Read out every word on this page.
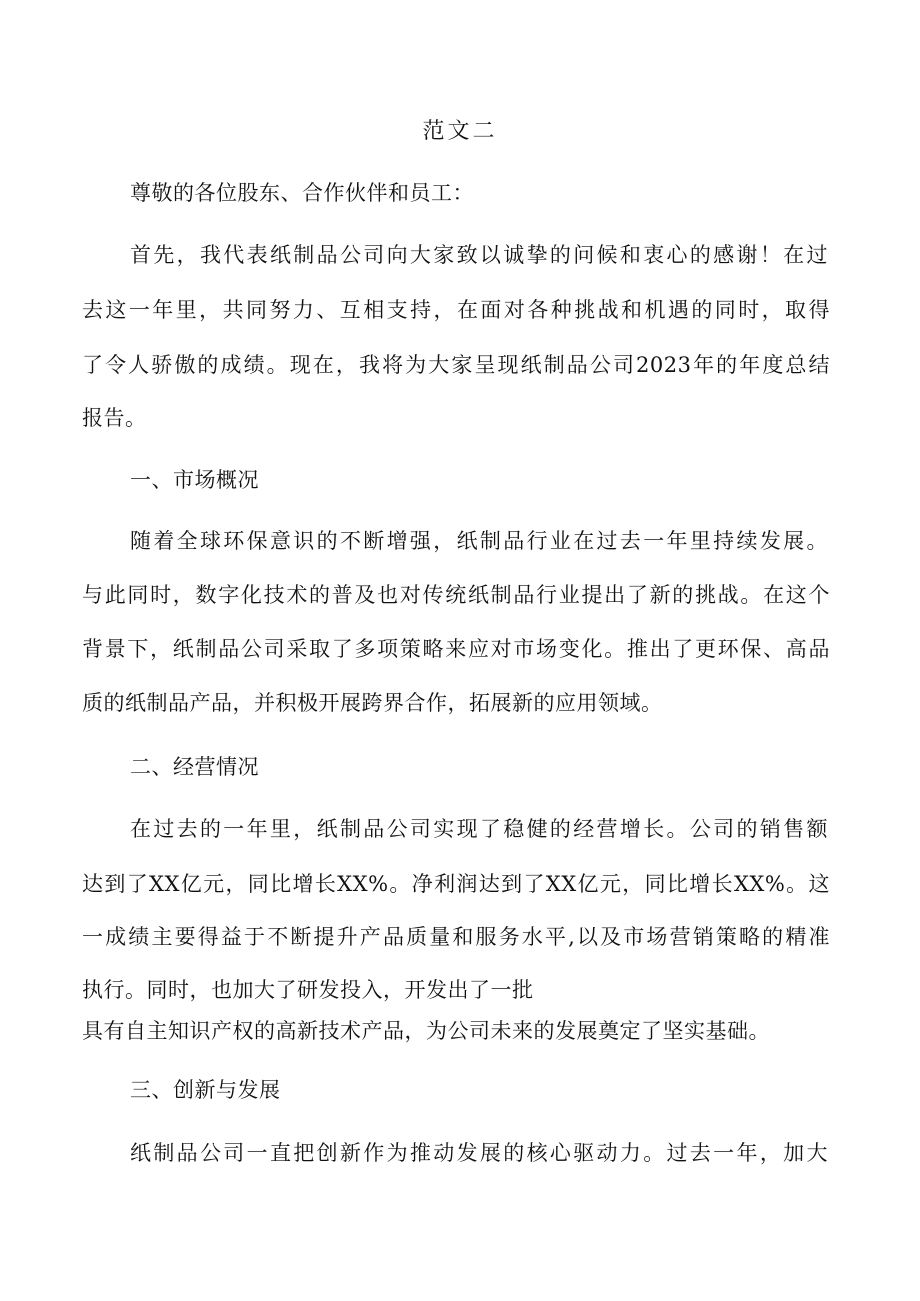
范文二
尊敬的各位股东、合作伙伴和员工：
首先，我代表纸制品公司向大家致以诚挚的问候和衷心的感谢！在过
去这一年里，共同努力、互相支持，在面对各种挑战和机遇的同时，取得
了令人骄傲的成绩。现在，我将为大家呈现纸制品公司2023年的年度总结
报告。
一、市场概况
随着全球环保意识的不断增强，纸制品行业在过去一年里持续发展。
与此同时，数字化技术的普及也对传统纸制品行业提出了新的挑战。在这个
背景下，纸制品公司采取了多项策略来应对市场变化。推出了更环保、高品
质的纸制品产品，并积极开展跨界合作，拓展新的应用领域。
二、经营情况
在过去的一年里，纸制品公司实现了稳健的经营增长。公司的销售额
达到了XX亿元，同比增长XX%。净利润达到了XX亿元，同比增长XX%。这
一成绩主要得益于不断提升产品质量和服务水平,以及市场营销策略的精准
执行。同时，也加大了研发投入，开发出了一批
具有自主知识产权的高新技术产品，为公司未来的发展奠定了坚实基础。
三、创新与发展
纸制品公司一直把创新作为推动发展的核心驱动力。过去一年，加大
